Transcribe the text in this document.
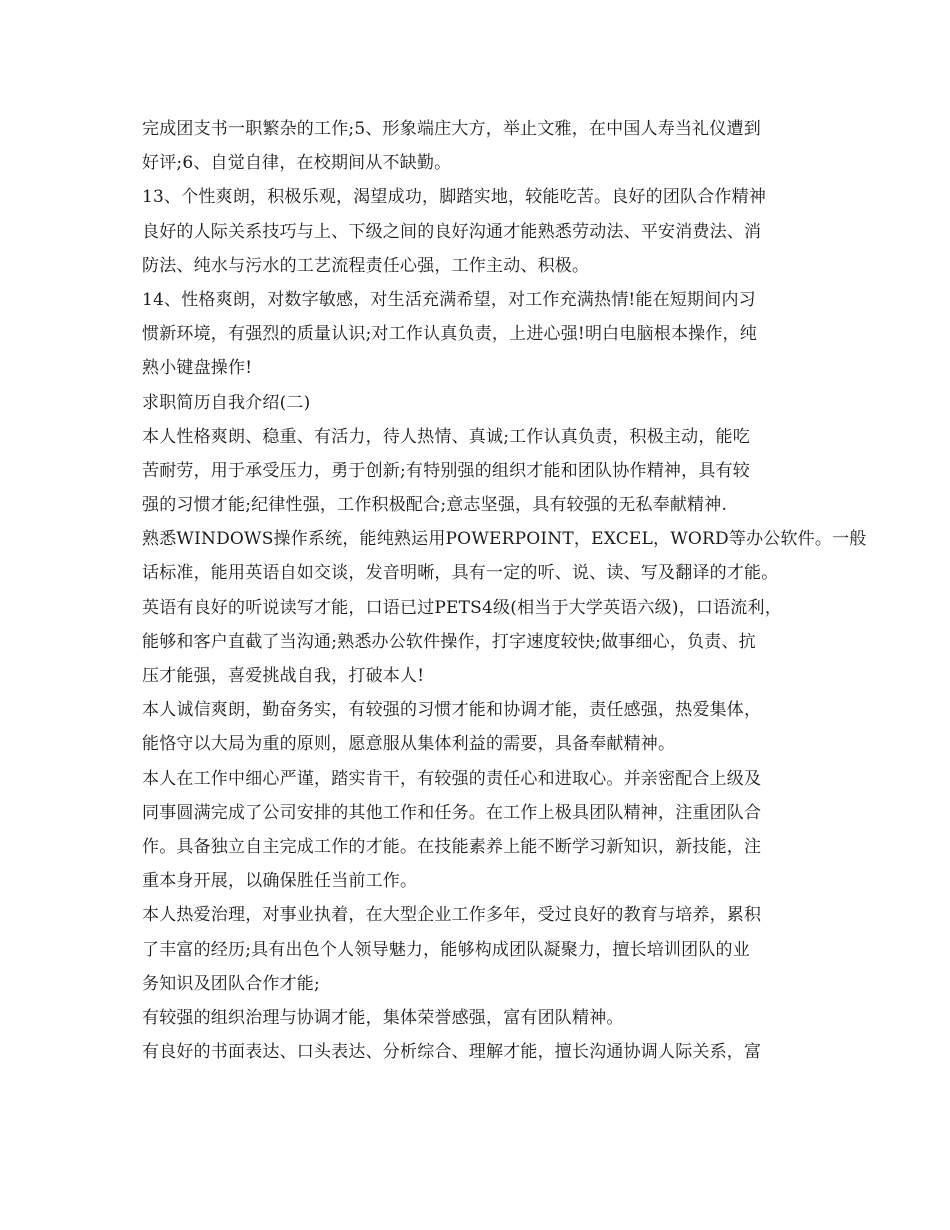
完成团支书一职繁杂的工作;5、形象端庄大方，举止文雅，在中国人寿当礼仪遭到
好评;6、自觉自律，在校期间从不缺勤。
13、个性爽朗，积极乐观，渴望成功，脚踏实地，较能吃苦。良好的团队合作精神
良好的人际关系技巧与上、下级之间的良好沟通才能熟悉劳动法、平安消费法、消
防法、纯水与污水的工艺流程责任心强，工作主动、积极。
14、性格爽朗，对数字敏感，对生活充满希望，对工作充满热情!能在短期间内习
惯新环境，有强烈的质量认识;对工作认真负责，上进心强!明白电脑根本操作，纯
熟小键盘操作!
求职简历自我介绍(二)
本人性格爽朗、稳重、有活力，待人热情、真诚;工作认真负责，积极主动，能吃
苦耐劳，用于承受压力，勇于创新;有特别强的组织才能和团队协作精神，具有较
强的习惯才能;纪律性强，工作积极配合;意志坚强，具有较强的无私奉献精神.
熟悉WINDOWS操作系统，能纯熟运用POWERPOINT，EXCEL，WORD等办公软件。一般
话标准，能用英语自如交谈，发音明晰，具有一定的听、说、读、写及翻译的才能。
英语有良好的听说读写才能，口语已过PETS4级(相当于大学英语六级)，口语流利，
能够和客户直截了当沟通;熟悉办公软件操作，打字速度较快;做事细心，负责、抗
压才能强，喜爱挑战自我，打破本人!
本人诚信爽朗，勤奋务实，有较强的习惯才能和协调才能，责任感强，热爱集体，
能恪守以大局为重的原则，愿意服从集体利益的需要，具备奉献精神。
本人在工作中细心严谨，踏实肯干，有较强的责任心和进取心。并亲密配合上级及
同事圆满完成了公司安排的其他工作和任务。在工作上极具团队精神，注重团队合
作。具备独立自主完成工作的才能。在技能素养上能不断学习新知识，新技能，注
重本身开展，以确保胜任当前工作。
本人热爱治理，对事业执着，在大型企业工作多年，受过良好的教育与培养，累积
了丰富的经历;具有出色个人领导魅力，能够构成团队凝聚力，擅长培训团队的业
务知识及团队合作才能;
有较强的组织治理与协调才能，集体荣誉感强，富有团队精神。
有良好的书面表达、口头表达、分析综合、理解才能，擅长沟通协调人际关系，富
